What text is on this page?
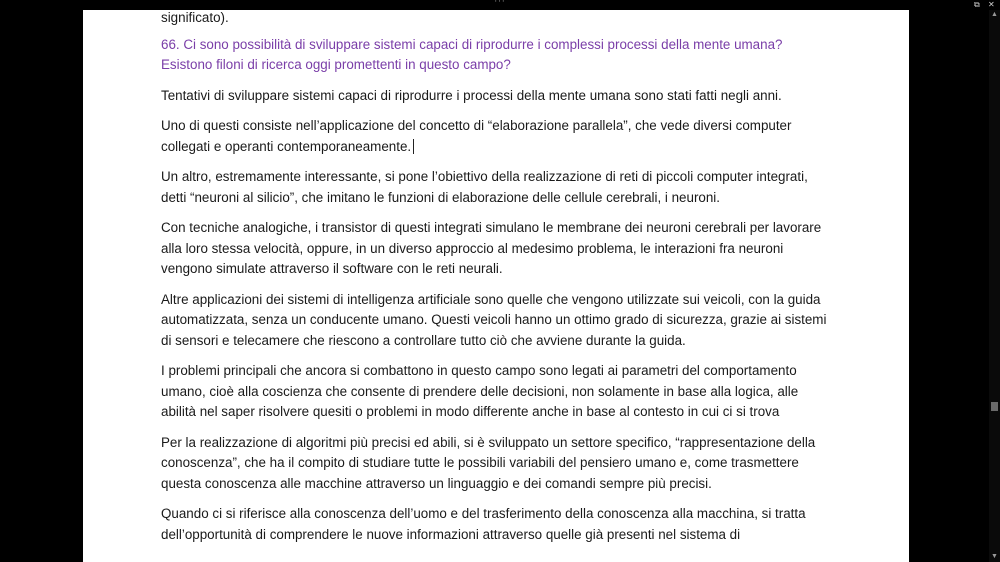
···	⧉ ✕

significato).

66. Ci sono possibilità di sviluppare sistemi capaci di riprodurre i complessi processi della mente umana? Esistono filoni di ricerca oggi promettenti in questo campo?

Tentativi di sviluppare sistemi capaci di riprodurre i processi della mente umana sono stati fatti negli anni.

Uno di questi consiste nell’applicazione del concetto di “elaborazione parallela”, che vede diversi computer collegati e operanti contemporaneamente.

Un altro, estremamente interessante, si pone l’obiettivo della realizzazione di reti di piccoli computer integrati, detti “neuroni al silicio”, che imitano le funzioni di elaborazione delle cellule cerebrali, i neuroni.

Con tecniche analogiche, i transistor di questi integrati simulano le membrane dei neuroni cerebrali per lavorare alla loro stessa velocità, oppure, in un diverso approccio al medesimo problema, le interazioni fra neuroni vengono simulate attraverso il software con le reti neurali.

Altre applicazioni dei sistemi di intelligenza artificiale sono quelle che vengono utilizzate sui veicoli, con la guida automatizzata, senza un conducente umano. Questi veicoli hanno un ottimo grado di sicurezza, grazie ai sistemi di sensori e telecamere che riescono a controllare tutto ciò che avviene durante la guida.

I problemi principali che ancora si combattono in questo campo sono legati ai parametri del comportamento umano, cioè alla coscienza che consente di prendere delle decisioni, non solamente in base alla logica, alle abilità nel saper risolvere quesiti o problemi in modo differente anche in base al contesto in cui ci si trova

Per la realizzazione di algoritmi più precisi ed abili, si è sviluppato un settore specifico, “rappresentazione della conoscenza”, che ha il compito di studiare tutte le possibili variabili del pensiero umano e, come trasmettere questa conoscenza alle macchine attraverso un linguaggio e dei comandi sempre più precisi.

Quando ci si riferisce alla conoscenza dell’uomo e del trasferimento della conoscenza alla macchina, si tratta dell’opportunità di comprendere le nuove informazioni attraverso quelle già presenti nel sistema di

▲
▼
